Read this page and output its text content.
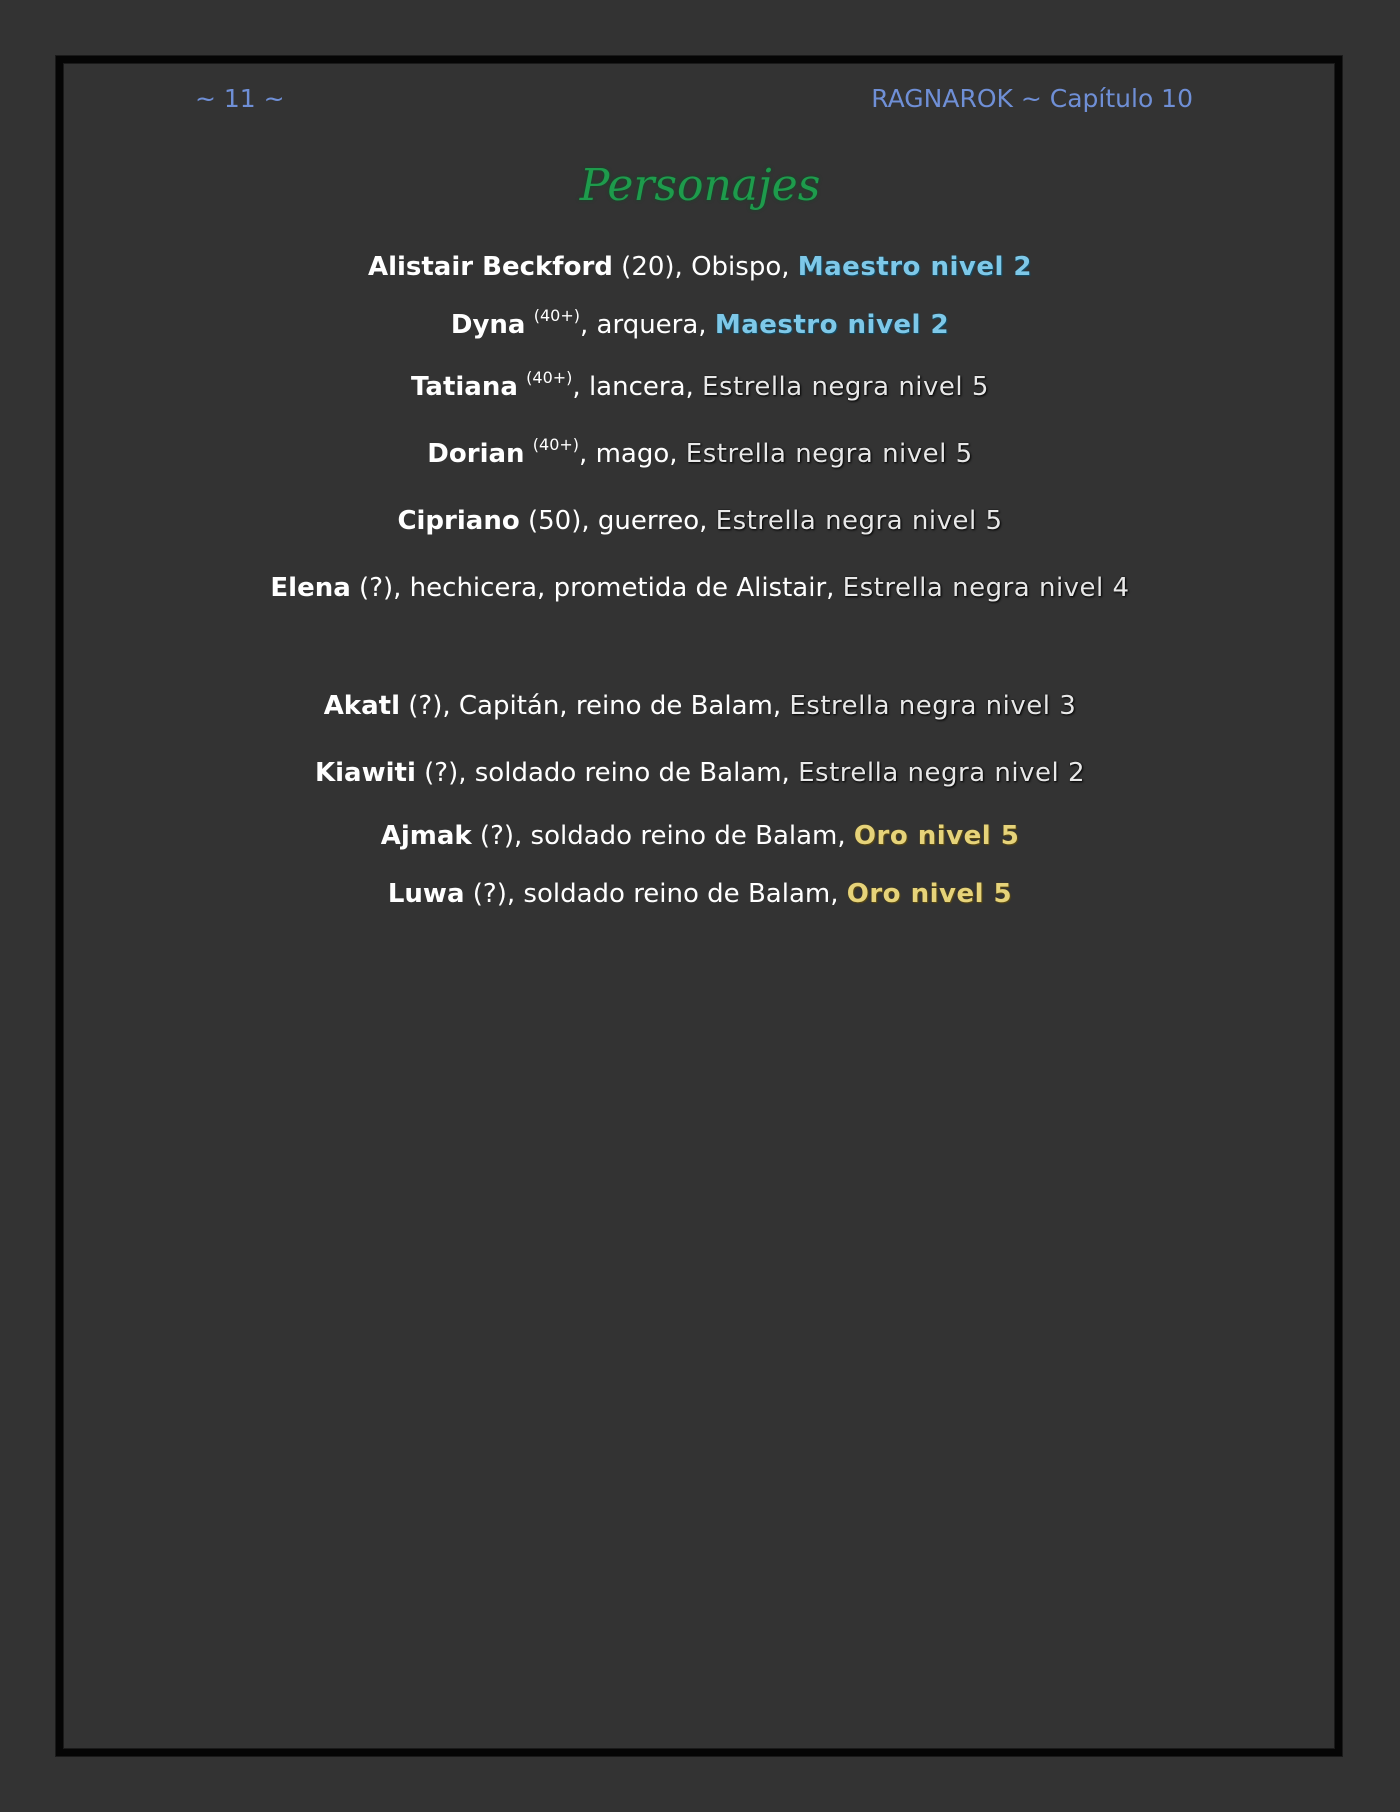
~ 11 ~	RAGNAROK ~ Capítulo 10
Personajes
Alistair Beckford (20), Obispo, Maestro nivel 2
Dyna $^{(40+)}$, arquera, Maestro nivel 2
Tatiana $^{(40+)}$, lancera, Estrella negra nivel 5
Dorian $^{(40+)}$, mago, Estrella negra nivel 5
Cipriano (50), guerreo, Estrella negra nivel 5
Elena (?), hechicera, prometida de Alistair, Estrella negra nivel 4
Akatl (?), Capitán, reino de Balam, Estrella negra nivel 3
Kiawiti (?), soldado reino de Balam, Estrella negra nivel 2
Ajmak (?), soldado reino de Balam, Oro nivel 5
Luwa (?), soldado reino de Balam, Oro nivel 5
